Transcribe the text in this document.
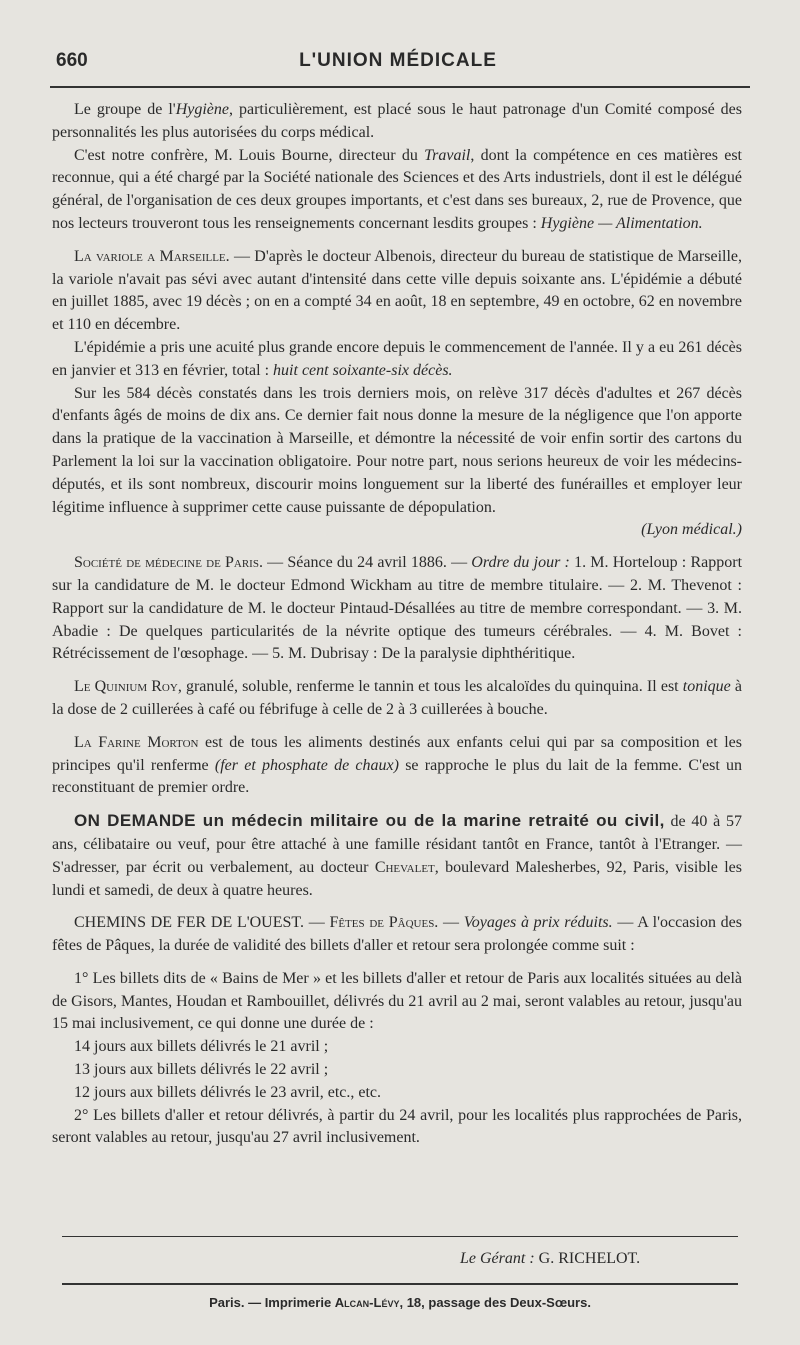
660	L'UNION MÉDICALE

Le groupe de l'Hygiène, particulièrement, est placé sous le haut patronage d'un Comité composé des personnalités les plus autorisées du corps médical.

C'est notre confrère, M. Louis Bourne, directeur du Travail, dont la compétence en ces matières est reconnue, qui a été chargé par la Société nationale des Sciences et des Arts industriels, dont il est le délégué général, de l'organisation de ces deux groupes importants, et c'est dans ses bureaux, 2, rue de Provence, que nos lecteurs trouveront tous les renseignements concernant lesdits groupes : Hygiène — Alimentation.

La variole a Marseille. — D'après le docteur Albenois, directeur du bureau de statistique de Marseille, la variole n'avait pas sévi avec autant d'intensité dans cette ville depuis soixante ans. L'épidémie a débuté en juillet 1885, avec 19 décès ; on en a compté 34 en août, 18 en septembre, 49 en octobre, 62 en novembre et 110 en décembre.

L'épidémie a pris une acuité plus grande encore depuis le commencement de l'année. Il y a eu 261 décès en janvier et 313 en février, total : huit cent soixante-six décès.

Sur les 584 décès constatés dans les trois derniers mois, on relève 317 décès d'adultes et 267 décès d'enfants âgés de moins de dix ans. Ce dernier fait nous donne la mesure de la négligence que l'on apporte dans la pratique de la vaccination à Marseille, et démontre la nécessité de voir enfin sortir des cartons du Parlement la loi sur la vaccination obligatoire. Pour notre part, nous serions heureux de voir les médecins-députés, et ils sont nombreux, discourir moins longuement sur la liberté des funérailles et employer leur légitime influence à supprimer cette cause puissante de dépopulation.

(Lyon médical.)

Société de médecine de Paris. — Séance du 24 avril 1886. — Ordre du jour : 1. M. Horteloup : Rapport sur la candidature de M. le docteur Edmond Wickham au titre de membre titulaire. — 2. M. Thevenot : Rapport sur la candidature de M. le docteur Pintaud-Désallées au titre de membre correspondant. — 3. M. Abadie : De quelques particularités de la névrite optique des tumeurs cérébrales. — 4. M. Bovet : Rétrécissement de l'œsophage. — 5. M. Dubrisay : De la paralysie diphthéritique.

Le Quinium Roy, granulé, soluble, renferme le tannin et tous les alcaloïdes du quinquina. Il est tonique à la dose de 2 cuillerées à café ou fébrifuge à celle de 2 à 3 cuillerées à bouche.

La Farine Morton est de tous les aliments destinés aux enfants celui qui par sa composition et les principes qu'il renferme (fer et phosphate de chaux) se rapproche le plus du lait de la femme. C'est un reconstituant de premier ordre.

ON DEMANDE un médecin militaire ou de la marine retraité ou civil, de 40 à 57 ans, célibataire ou veuf, pour être attaché à une famille résidant tantôt en France, tantôt à l'Etranger. — S'adresser, par écrit ou verbalement, au docteur Chevalet, boulevard Malesherbes, 92, Paris, visible les lundi et samedi, de deux à quatre heures.

CHEMINS DE FER DE L'OUEST. — Fêtes de Pâques. — Voyages à prix réduits. — A l'occasion des fêtes de Pâques, la durée de validité des billets d'aller et retour sera prolongée comme suit :

1° Les billets dits de « Bains de Mer » et les billets d'aller et retour de Paris aux localités situées au delà de Gisors, Mantes, Houdan et Rambouillet, délivrés du 21 avril au 2 mai, seront valables au retour, jusqu'au 15 mai inclusivement, ce qui donne une durée de :

14 jours aux billets délivrés le 21 avril ;

13 jours aux billets délivrés le 22 avril ;

12 jours aux billets délivrés le 23 avril, etc., etc.

2° Les billets d'aller et retour délivrés, à partir du 24 avril, pour les localités plus rapprochées de Paris, seront valables au retour, jusqu'au 27 avril inclusivement.

Le Gérant : G. RICHELOT.
Paris. — Imprimerie Alcan-Lévy, 18, passage des Deux-Sœurs.
